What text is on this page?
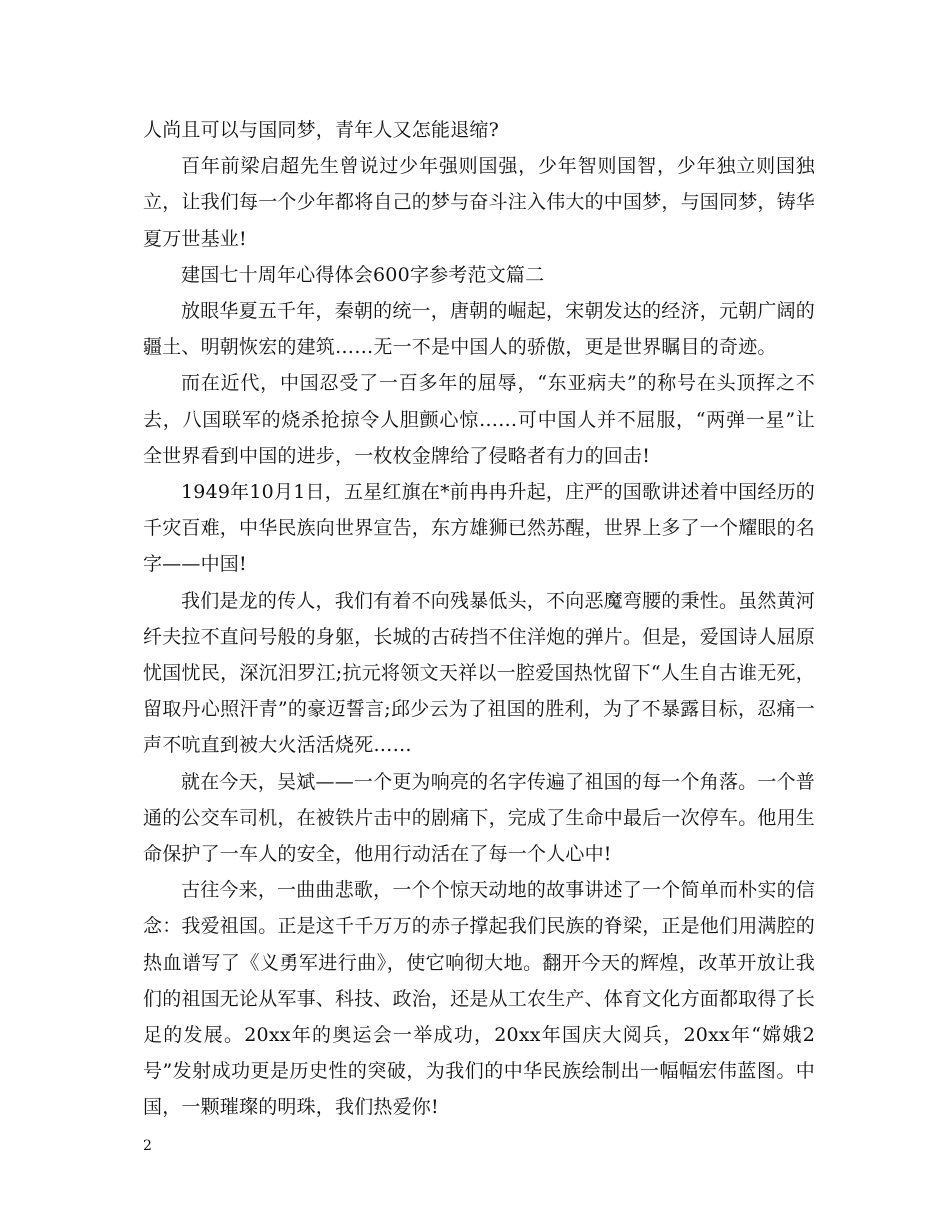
人尚且可以与国同梦，青年人又怎能退缩?

百年前梁启超先生曾说过少年强则国强，少年智则国智，少年独立则国独立，让我们每一个少年都将自己的梦与奋斗注入伟大的中国梦，与国同梦，铸华夏万世基业!

建国七十周年心得体会600字参考范文篇二

放眼华夏五千年，秦朝的统一，唐朝的崛起，宋朝发达的经济，元朝广阔的疆土、明朝恢宏的建筑……无一不是中国人的骄傲，更是世界瞩目的奇迹。

而在近代，中国忍受了一百多年的屈辱，“东亚病夫”的称号在头顶挥之不去，八国联军的烧杀抢掠令人胆颤心惊……可中国人并不屈服，“两弹一星”让全世界看到中国的进步，一枚枚金牌给了侵略者有力的回击!

1949年10月1日，五星红旗在*前冉冉升起，庄严的国歌讲述着中国经历的千灾百难，中华民族向世界宣告，东方雄狮已然苏醒，世界上多了一个耀眼的名字——中国!

我们是龙的传人，我们有着不向残暴低头，不向恶魔弯腰的秉性。虽然黄河纤夫拉不直问号般的身躯，长城的古砖挡不住洋炮的弹片。但是，爱国诗人屈原忧国忧民，深沉汨罗江;抗元将领文天祥以一腔爱国热忱留下“人生自古谁无死，留取丹心照汗青”的豪迈誓言;邱少云为了祖国的胜利，为了不暴露目标，忍痛一声不吭直到被大火活活烧死……

就在今天，吴斌——一个更为响亮的名字传遍了祖国的每一个角落。一个普通的公交车司机，在被铁片击中的剧痛下，完成了生命中最后一次停车。他用生命保护了一车人的安全，他用行动活在了每一个人心中!

古往今来，一曲曲悲歌，一个个惊天动地的故事讲述了一个简单而朴实的信念：我爱祖国。正是这千千万万的赤子撑起我们民族的脊梁，正是他们用满腔的热血谱写了《义勇军进行曲》，使它响彻大地。翻开今天的辉煌，改革开放让我们的祖国无论从军事、科技、政治，还是从工农生产、体育文化方面都取得了长足的发展。20xx年的奥运会一举成功，20xx年国庆大阅兵，20xx年“嫦娥2号”发射成功更是历史性的突破，为我们的中华民族绘制出一幅幅宏伟蓝图。中国，一颗璀璨的明珠，我们热爱你!

2
